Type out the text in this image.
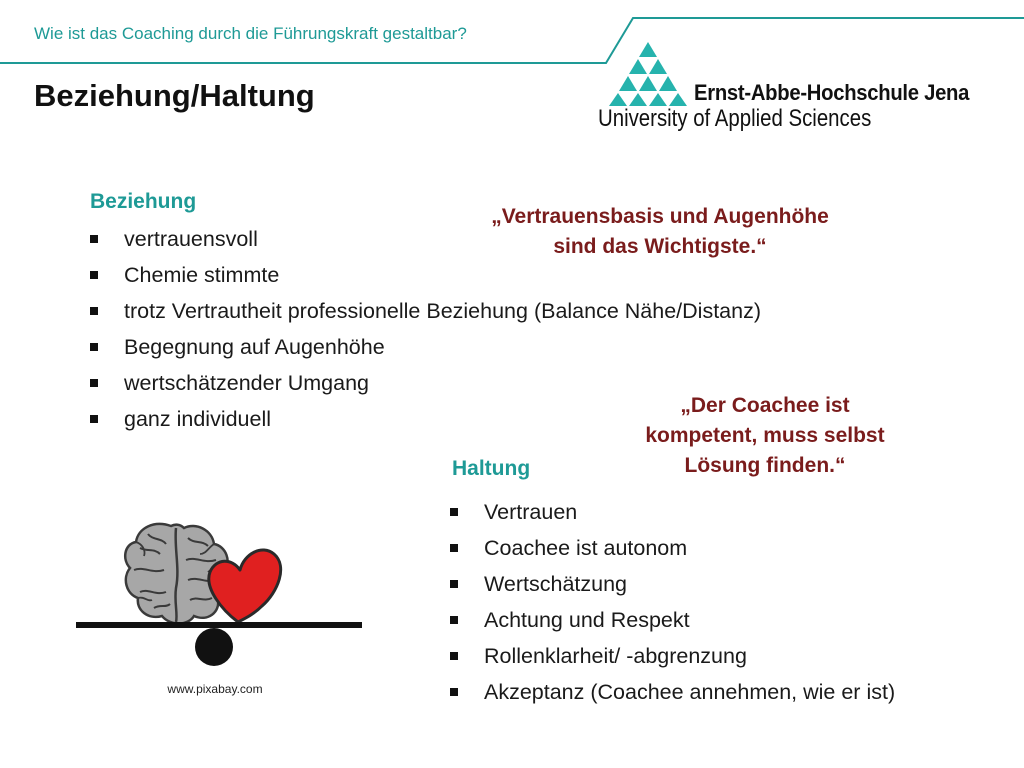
Wie ist das Coaching durch die Führungskraft gestaltbar?
Beziehung/Haltung	Ernst-Abbe-Hochschule Jena
University of Applied Sciences
Beziehung
vertrauensvoll
Chemie stimmte
trotz Vertrautheit professionelle Beziehung (Balance Nähe/Distanz)
Begegnung auf Augenhöhe
wertschätzender Umgang
ganz individuell
„Vertrauensbasis und Augenhöhe
sind das Wichtigste.“
„Der Coachee ist
kompetent, muss selbst
Lösung finden.“
Haltung
Vertrauen
Coachee ist autonom
Wertschätzung
Achtung und Respekt
Rollenklarheit/ -abgrenzung
Akzeptanz (Coachee annehmen, wie er ist)
www.pixabay.com
